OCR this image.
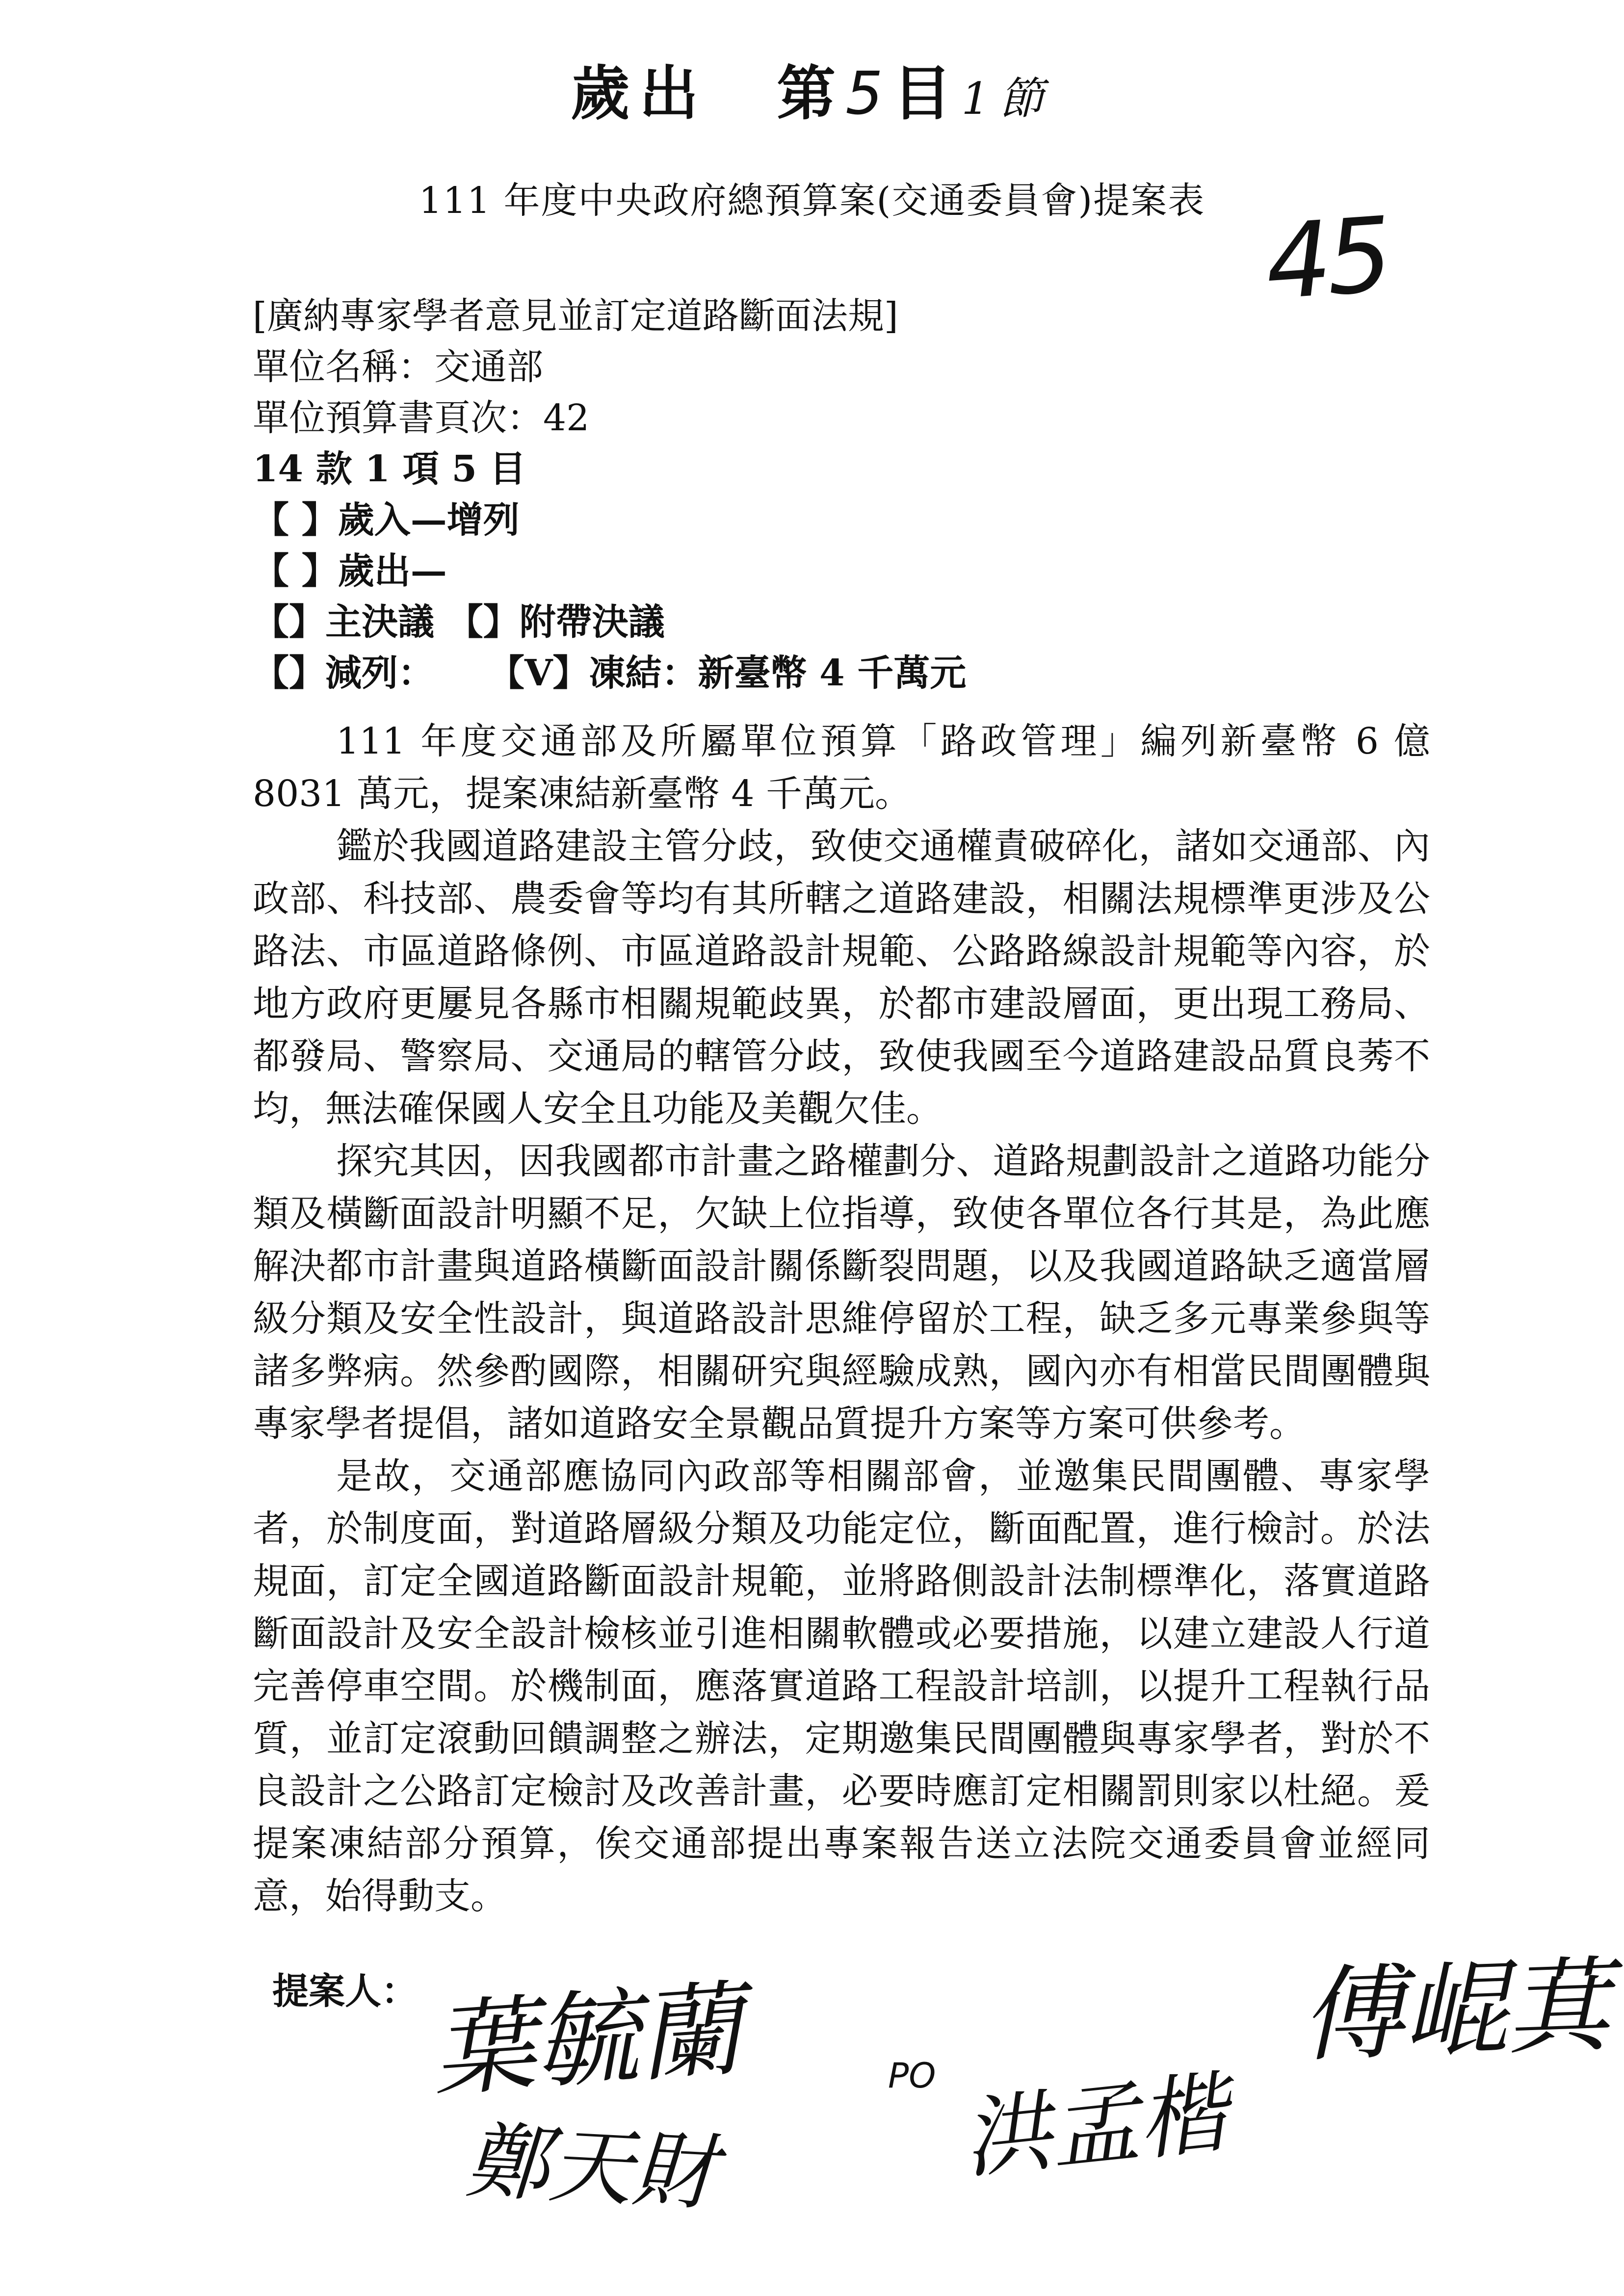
歲出　第5目1節
111 年度中央政府總預算案(交通委員會)提案表 45
[廣納專家學者意見並訂定道路斷面法規]
單位名稱：交通部
單位預算書頁次：42
14 款 1 項 5 目
【 】歲入—增列
【 】歲出—
【】主決議 【】附帶決議
【】減列： 【V】凍結：新臺幣 4 千萬元

111 年度交通部及所屬單位預算「路政管理」編列新臺幣 6 億 8031 萬元，提案凍結新臺幣 4 千萬元。

鑑於我國道路建設主管分歧，致使交通權責破碎化，諸如交通部、內政部、科技部、農委會等均有其所轄之道路建設，相關法規標準更涉及公路法、市區道路條例、市區道路設計規範、公路路線設計規範等內容，於地方政府更屢見各縣市相關規範歧異，於都市建設層面，更出現工務局、都發局、警察局、交通局的轄管分歧，致使我國至今道路建設品質良莠不均，無法確保國人安全且功能及美觀欠佳。

探究其因，因我國都市計畫之路權劃分、道路規劃設計之道路功能分類及橫斷面設計明顯不足，欠缺上位指導，致使各單位各行其是，為此應解決都市計畫與道路橫斷面設計關係斷裂問題，以及我國道路缺乏適當層級分類及安全性設計，與道路設計思維停留於工程，缺乏多元專業參與等諸多弊病。然參酌國際，相關研究與經驗成熟，國內亦有相當民間團體與專家學者提倡，諸如道路安全景觀品質提升方案等方案可供參考。

是故，交通部應協同內政部等相關部會，並邀集民間團體、專家學者，於制度面，對道路層級分類及功能定位，斷面配置，進行檢討。於法規面，訂定全國道路斷面設計規範，並將路側設計法制標準化，落實道路斷面設計及安全設計檢核並引進相關軟體或必要措施，以建立建設人行道完善停車空間。於機制面，應落實道路工程設計培訓，以提升工程執行品質，並訂定滾動回饋調整之辦法，定期邀集民間團體與專家學者，對於不良設計之公路訂定檢討及改善計畫，必要時應訂定相關罰則家以杜絕。爰提案凍結部分預算，俟交通部提出專案報告送立法院交通委員會並經同意，始得動支。

提案人： 葉毓蘭
鄭天財
PO 洪孟楷
傅崐萁
